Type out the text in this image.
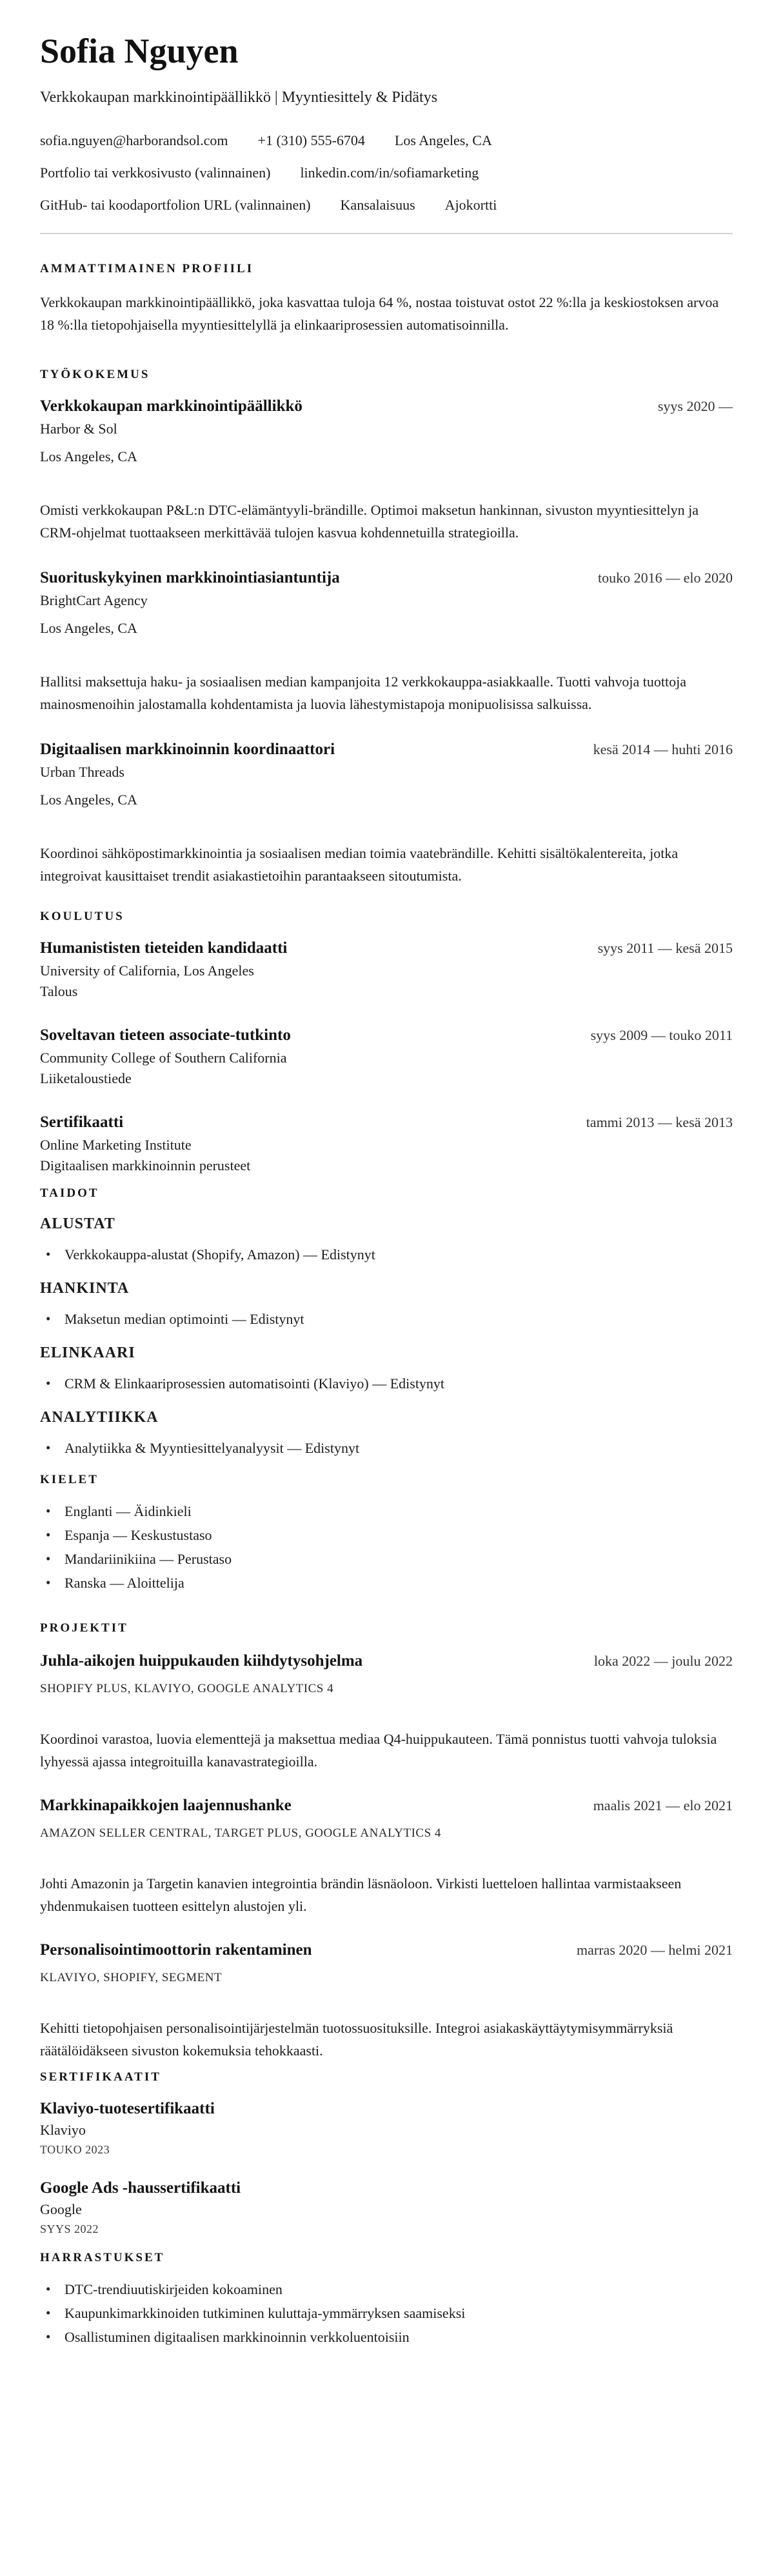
Sofia Nguyen
Verkkokaupan markkinointipäällikkö | Myyntiesittely & Pidätys
sofia.nguyen@harborandsol.com +1 (310) 555-6704 Los Angeles, CA
Portfolio tai verkkosivusto (valinnainen) linkedin.com/in/sofiamarketing
GitHub- tai koodaportfolion URL (valinnainen) Kansalaisuus Ajokortti
AMMATTIMAINEN PROFIILI

Verkkokaupan markkinointipäällikkö, joka kasvattaa tuloja 64 %, nostaa toistuvat ostot 22 %:lla ja keskiostoksen arvoa 18 %:lla tietopohjaisella myyntiesittelyllä ja elinkaariprosessien automatisoinnilla.

TYÖKOKEMUS
Verkkokaupan markkinointipäällikkö	syys 2020 —
Harbor & Sol
Los Angeles, CA

Omisti verkkokaupan P&L:n DTC-elämäntyyli-brändille. Optimoi maksetun hankinnan, sivuston myyntiesittelyn ja CRM-ohjelmat tuottaakseen merkittävää tulojen kasvua kohdennetuilla strategioilla.

Suorituskykyinen markkinointiasiantuntija	touko 2016 — elo 2020
BrightCart Agency
Los Angeles, CA

Hallitsi maksettuja haku- ja sosiaalisen median kampanjoita 12 verkkokauppa-asiakkaalle. Tuotti vahvoja tuottoja mainosmenoihin jalostamalla kohdentamista ja luovia lähestymistapoja monipuolisissa salkuissa.

Digitaalisen markkinoinnin koordinaattori	kesä 2014 — huhti 2016
Urban Threads
Los Angeles, CA

Koordinoi sähköpostimarkkinointia ja sosiaalisen median toimia vaatebrändille. Kehitti sisältökalentereita, jotka integroivat kausittaiset trendit asiakastietoihin parantaakseen sitoutumista.

KOULUTUS
Humanististen tieteiden kandidaatti	syys 2011 — kesä 2015
University of California, Los Angeles
Talous
Soveltavan tieteen associate-tutkinto	syys 2009 — touko 2011
Community College of Southern California
Liiketaloustiede
Sertifikaatti	tammi 2013 — kesä 2013
Online Marketing Institute
Digitaalisen markkinoinnin perusteet
TAIDOT
ALUSTAT
• Verkkokauppa-alustat (Shopify, Amazon) — Edistynyt
HANKINTA
• Maksetun median optimointi — Edistynyt
ELINKAARI
• CRM & Elinkaariprosessien automatisointi (Klaviyo) — Edistynyt
ANALYTIIKKA
• Analytiikka & Myyntiesittelyanalyysit — Edistynyt
KIELET
• Englanti — Äidinkieli
• Espanja — Keskustustaso
• Mandariinikiina — Perustaso
• Ranska — Aloittelija
PROJEKTIT
Juhla-aikojen huippukauden kiihdytysohjelma	loka 2022 — joulu 2022
SHOPIFY PLUS, KLAVIYO, GOOGLE ANALYTICS 4

Koordinoi varastoa, luovia elementtejä ja maksettua mediaa Q4-huippukauteen. Tämä ponnistus tuotti vahvoja tuloksia lyhyessä ajassa integroituilla kanavastrategioilla.

Markkinapaikkojen laajennushanke	maalis 2021 — elo 2021
AMAZON SELLER CENTRAL, TARGET PLUS, GOOGLE ANALYTICS 4

Johti Amazonin ja Targetin kanavien integrointia brändin läsnäoloon. Virkisti luetteloen hallintaa varmistaakseen yhdenmukaisen tuotteen esittelyn alustojen yli.

Personalisointimoottorin rakentaminen	marras 2020 — helmi 2021
KLAVIYO, SHOPIFY, SEGMENT

Kehitti tietopohjaisen personalisointijärjestelmän tuotossuosituksille. Integroi asiakaskäyttäytymisymmärryksiä räätälöidäkseen sivuston kokemuksia tehokkaasti.

SERTIFIKAATIT
Klaviyo-tuotesertifikaatti
Klaviyo
TOUKO 2023
Google Ads -haussertifikaatti
Google
SYYS 2022
HARRASTUKSET
• DTC-trendiuutiskirjeiden kokoaminen
• Kaupunkimarkkinoiden tutkiminen kuluttaja-ymmärryksen saamiseksi
• Osallistuminen digitaalisen markkinoinnin verkkoluentoisiin
